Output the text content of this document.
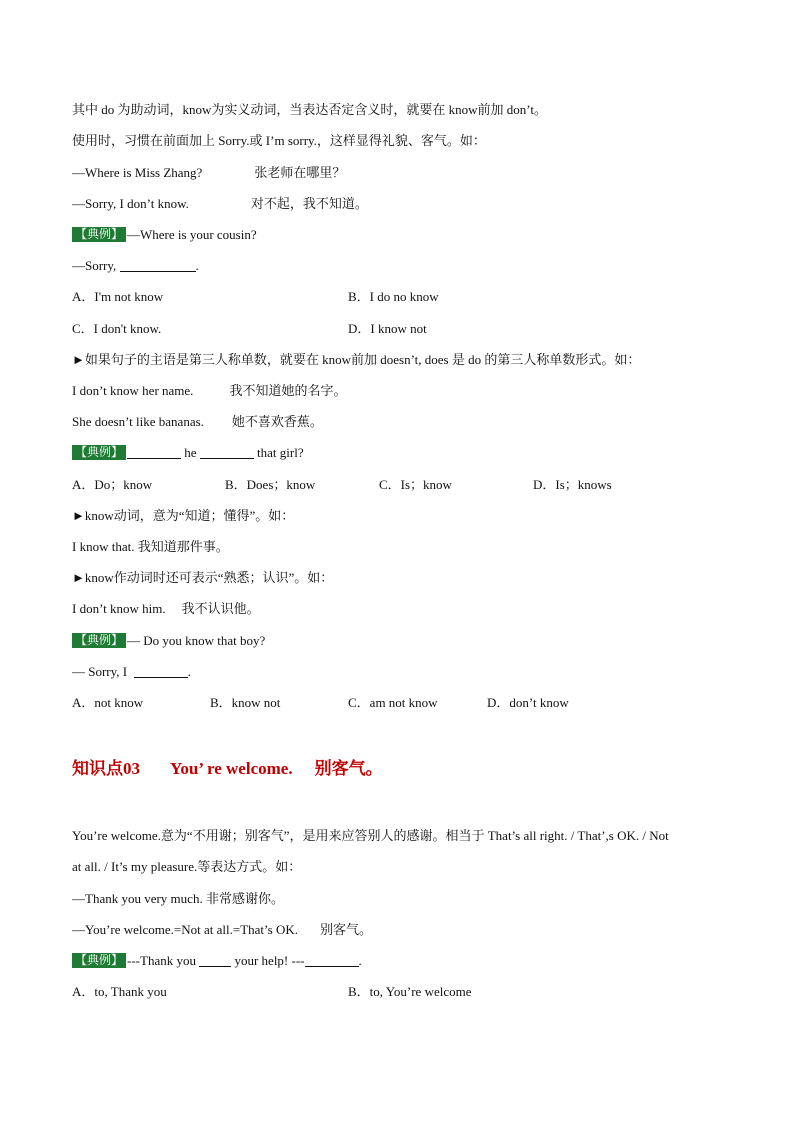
其中 do 为助动词，know为实义动词，当表达否定含义时，就要在 know前加 don’t。
使用时，习惯在前面加上 Sorry.或 I’m sorry.，这样显得礼貌、客气。如：
—Where is Miss Zhang?	张老师在哪里？
—Sorry, I don’t know.	对不起，我不知道。
【典例】 —Where is your cousin?
—Sorry,	.
A．I'm not know	B．I do no know
C．I don't know.	D．I know not
►如果句子的主语是第三人称单数，就要在 know前加 doesn’t, does 是 do 的第三人称单数形式。如：
I don’t know her name.	我不知道她的名字。
She doesn’t like bananas. 她不喜欢香蕉。
【典例】	he	that girl?
A．Do；know	B．Does；know	C．Is；know	D．Is；knows
►know动词，意为“知道；懂得”。如：
I know that. 我知道那件事。
►know作动词时还可表示“熟悉；认识”。如：
I don’t know him. 我不认识他。
【典例】 — Do you know that boy?
— Sorry, I	.
A．not know	B．know not	C．am not know	D．don’t know
知识点03 You’ re welcome. 别客气。
You’re welcome.意为“不用谢；别客气”，是用来应答别人的感谢。相当于 That’s all right. / That’,s OK. / Not
at all. / It’s my pleasure.等表达方式。如：
—Thank you very much. 非常感谢你。
—You’re welcome.=Not at all.=That’s OK. 别客气。
【典例】 ---Thank you  your help! ---	.
A．to, Thank you	B．to, You’re welcome
